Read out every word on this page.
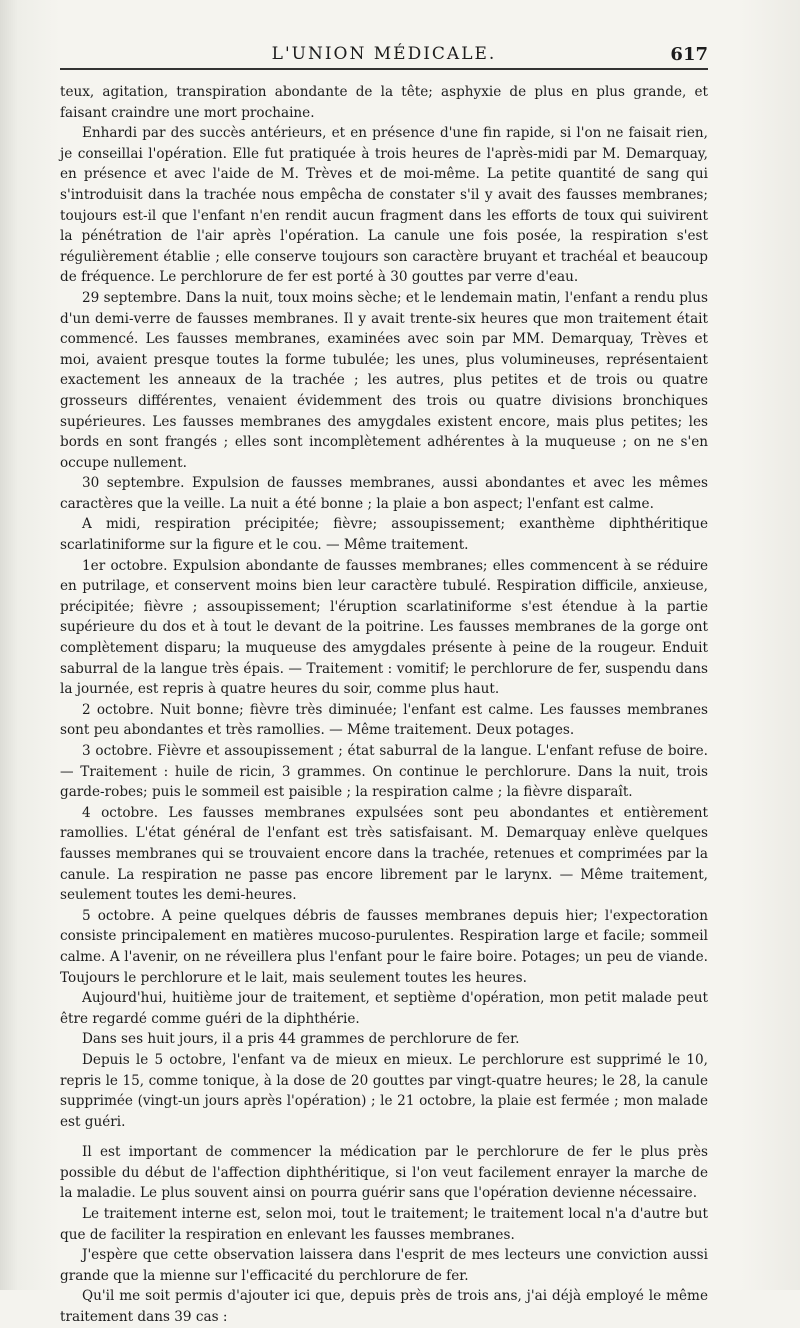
L'UNION MÉDICALE.	617

teux, agitation, transpiration abondante de la tête; asphyxie de plus en plus grande, et faisant craindre une mort prochaine.

Enhardi par des succès antérieurs, et en présence d'une fin rapide, si l'on ne faisait rien, je conseillai l'opération. Elle fut pratiquée à trois heures de l'après-midi par M. Demarquay, en présence et avec l'aide de M. Trèves et de moi-même. La petite quantité de sang qui s'introduisit dans la trachée nous empêcha de constater s'il y avait des fausses membranes; toujours est-il que l'enfant n'en rendit aucun fragment dans les efforts de toux qui suivirent la pénétration de l'air après l'opération. La canule une fois posée, la respiration s'est régulièrement établie ; elle conserve toujours son caractère bruyant et trachéal et beaucoup de fréquence. Le perchlorure de fer est porté à 30 gouttes par verre d'eau.

29 septembre. Dans la nuit, toux moins sèche; et le lendemain matin, l'enfant a rendu plus d'un demi-verre de fausses membranes. Il y avait trente-six heures que mon traitement était commencé. Les fausses membranes, examinées avec soin par MM. Demarquay, Trèves et moi, avaient presque toutes la forme tubulée; les unes, plus volumineuses, représentaient exactement les anneaux de la trachée ; les autres, plus petites et de trois ou quatre grosseurs différentes, venaient évidemment des trois ou quatre divisions bronchiques supérieures. Les fausses membranes des amygdales existent encore, mais plus petites; les bords en sont frangés ; elles sont incomplètement adhérentes à la muqueuse ; on ne s'en occupe nullement.

30 septembre. Expulsion de fausses membranes, aussi abondantes et avec les mêmes caractères que la veille. La nuit a été bonne ; la plaie a bon aspect; l'enfant est calme.

A midi, respiration précipitée; fièvre; assoupissement; exanthème diphthéritique scarlatiniforme sur la figure et le cou. — Même traitement.

1er octobre. Expulsion abondante de fausses membranes; elles commencent à se réduire en putrilage, et conservent moins bien leur caractère tubulé. Respiration difficile, anxieuse, précipitée; fièvre ; assoupissement; l'éruption scarlatiniforme s'est étendue à la partie supérieure du dos et à tout le devant de la poitrine. Les fausses membranes de la gorge ont complètement disparu; la muqueuse des amygdales présente à peine de la rougeur. Enduit saburral de la langue très épais. — Traitement : vomitif; le perchlorure de fer, suspendu dans la journée, est repris à quatre heures du soir, comme plus haut.

2 octobre. Nuit bonne; fièvre très diminuée; l'enfant est calme. Les fausses membranes sont peu abondantes et très ramollies. — Même traitement. Deux potages.

3 octobre. Fièvre et assoupissement ; état saburral de la langue. L'enfant refuse de boire. — Traitement : huile de ricin, 3 grammes. On continue le perchlorure. Dans la nuit, trois garde-robes; puis le sommeil est paisible ; la respiration calme ; la fièvre disparaît.

4 octobre. Les fausses membranes expulsées sont peu abondantes et entièrement ramollies. L'état général de l'enfant est très satisfaisant. M. Demarquay enlève quelques fausses membranes qui se trouvaient encore dans la trachée, retenues et comprimées par la canule. La respiration ne passe pas encore librement par le larynx. — Même traitement, seulement toutes les demi-heures.

5 octobre. A peine quelques débris de fausses membranes depuis hier; l'expectoration consiste principalement en matières mucoso-purulentes. Respiration large et facile; sommeil calme. A l'avenir, on ne réveillera plus l'enfant pour le faire boire. Potages; un peu de viande. Toujours le perchlorure et le lait, mais seulement toutes les heures.

Aujourd'hui, huitième jour de traitement, et septième d'opération, mon petit malade peut être regardé comme guéri de la diphthérie.

Dans ses huit jours, il a pris 44 grammes de perchlorure de fer.

Depuis le 5 octobre, l'enfant va de mieux en mieux. Le perchlorure est supprimé le 10, repris le 15, comme tonique, à la dose de 20 gouttes par vingt-quatre heures; le 28, la canule supprimée (vingt-un jours après l'opération) ; le 21 octobre, la plaie est fermée ; mon malade est guéri.

Il est important de commencer la médication par le perchlorure de fer le plus près possible du début de l'affection diphthéritique, si l'on veut facilement enrayer la marche de la maladie. Le plus souvent ainsi on pourra guérir sans que l'opération devienne nécessaire.

Le traitement interne est, selon moi, tout le traitement; le traitement local n'a d'autre but que de faciliter la respiration en enlevant les fausses membranes.

J'espère que cette observation laissera dans l'esprit de mes lecteurs une conviction aussi grande que la mienne sur l'efficacité du perchlorure de fer.

Qu'il me soit permis d'ajouter ici que, depuis près de trois ans, j'ai déjà employé le même traitement dans 39 cas :
